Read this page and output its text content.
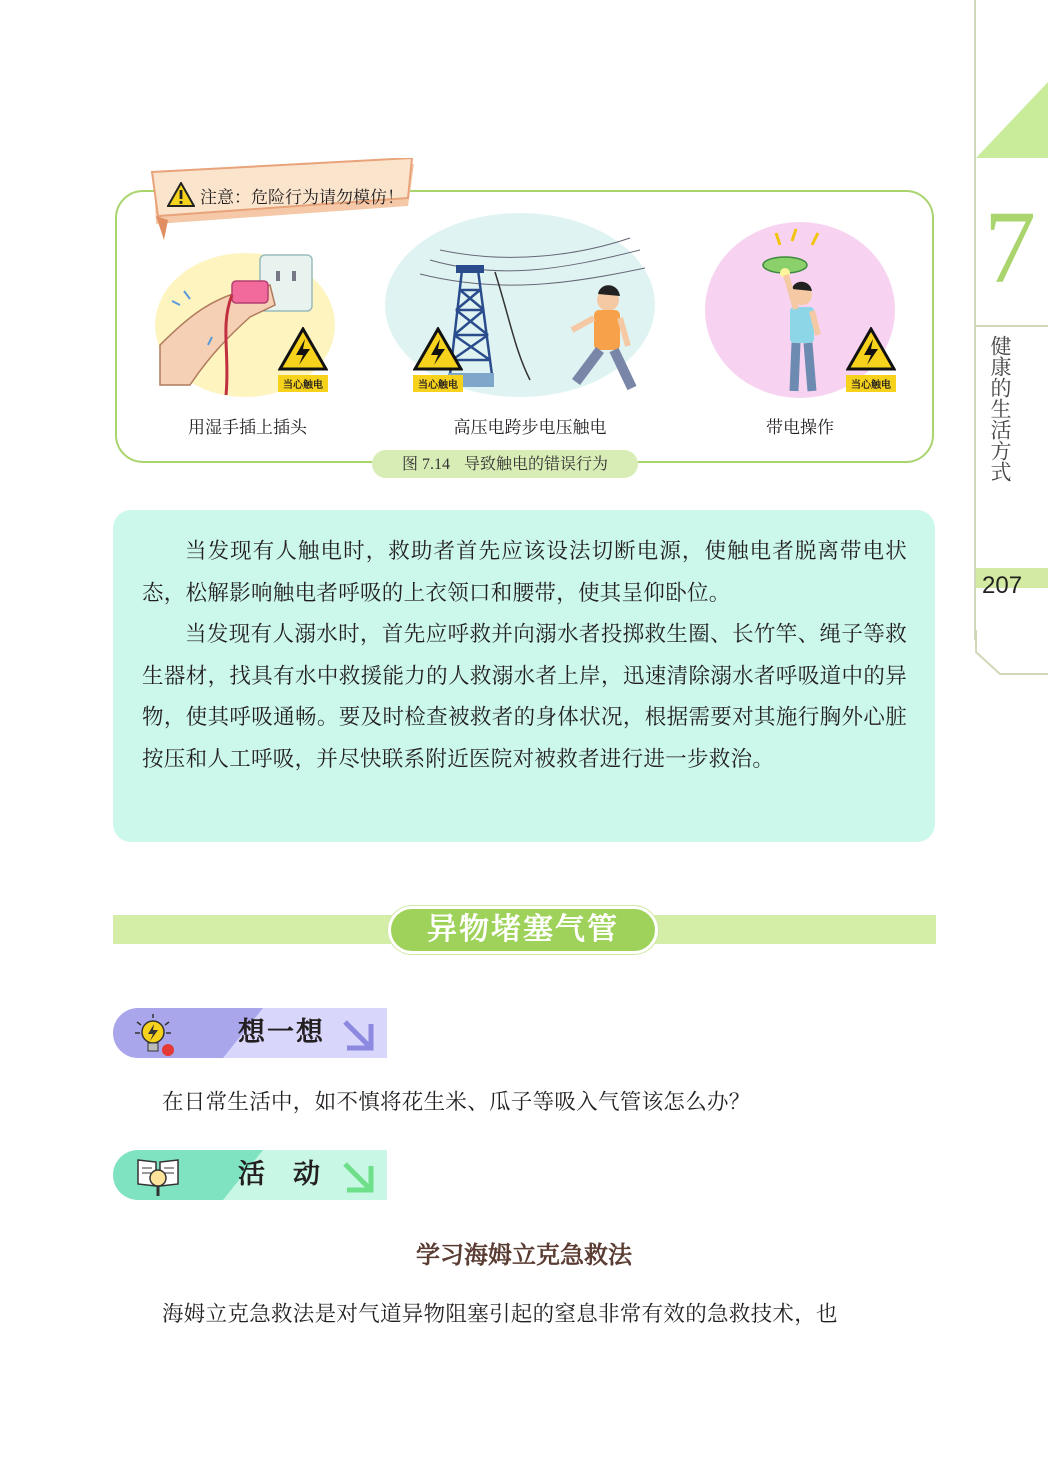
7
健康的生活方式
207
注意：危险行为请勿模仿！
当心触电
用湿手插上插头
当心触电
高压电跨步电压触电
当心触电
带电操作
图 7.14 导致触电的错误行为

当发现有人触电时，救助者首先应该设法切断电源，使触电者脱离带电状态，松解影响触电者呼吸的上衣领口和腰带，使其呈仰卧位。

当发现有人溺水时，首先应呼救并向溺水者投掷救生圈、长竹竿、绳子等救生器材，找具有水中救援能力的人救溺水者上岸，迅速清除溺水者呼吸道中的异物，使其呼吸通畅。要及时检查被救者的身体状况，根据需要对其施行胸外心脏按压和人工呼吸，并尽快联系附近医院对被救者进行进一步救治。

异物堵塞气管
想一想
在日常生活中，如不慎将花生米、瓜子等吸入气管该怎么办？
活动
学习海姆立克急救法
海姆立克急救法是对气道异物阻塞引起的窒息非常有效的急救技术，也
